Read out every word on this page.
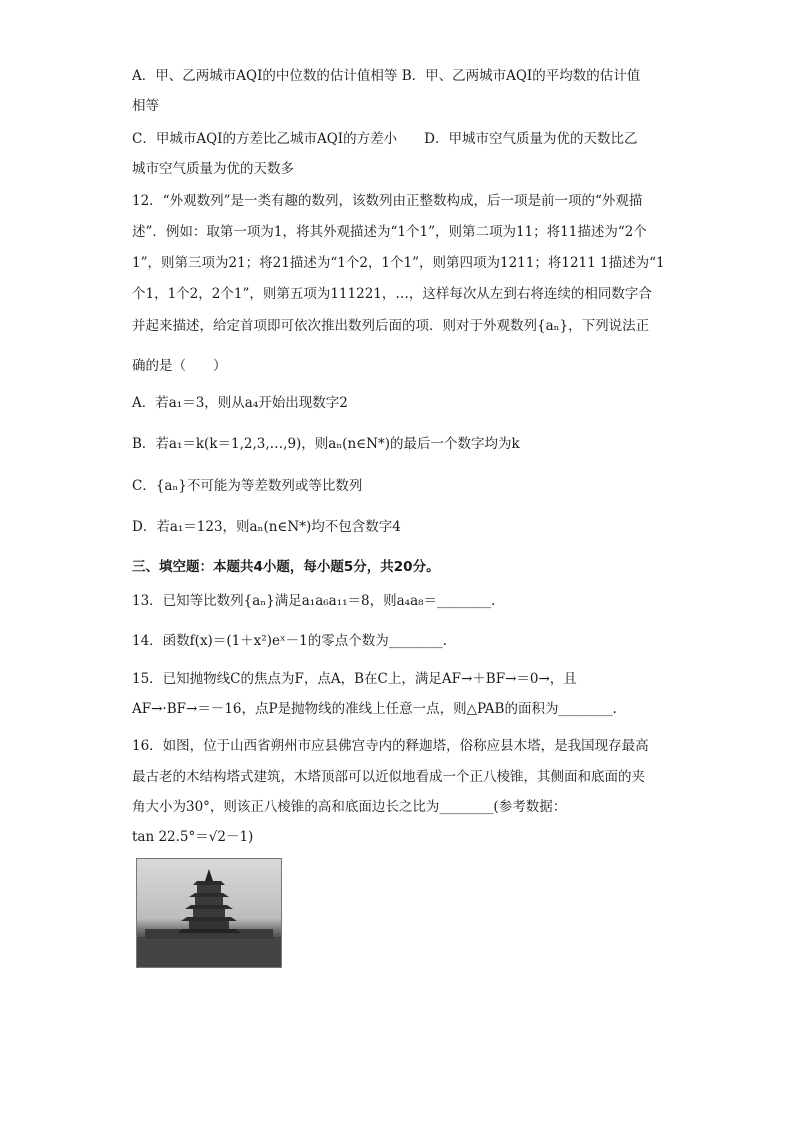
A．甲、乙两城市AQI的中位数的估计值相等 B．甲、乙两城市AQI的平均数的估计值
相等
C．甲城市AQI的方差比乙城市AQI的方差小　　D．甲城市空气质量为优的天数比乙
城市空气质量为优的天数多
12．“外观数列”是一类有趣的数列，该数列由正整数构成，后一项是前一项的“外观描
述”．例如：取第一项为1，将其外观描述为“1个1”，则第二项为11；将11描述为“2个
1”，则第三项为21；将21描述为“1个2，1个1”，则第四项为1211；将1211 1描述为“1
个1，1个2，2个1”，则第五项为111221，…，这样每次从左到右将连续的相同数字合
并起来描述，给定首项即可依次推出数列后面的项．则对于外观数列{aₙ}，下列说法正
确的是（　　）
A．若a₁＝3，则从a₄开始出现数字2
B．若a₁＝k(k＝1,2,3,…,9)，则aₙ(n∈N*)的最后一个数字均为k
C．{aₙ}不可能为等差数列或等比数列
D．若a₁＝123，则aₙ(n∈N*)均不包含数字4
三、填空题：本题共4小题，每小题5分，共20分。
13．已知等比数列{aₙ}满足a₁a₆a₁₁＝8，则a₄a₈＝________.
14．函数f(x)＝(1＋x²)eˣ－1的零点个数为________.
15．已知抛物线C的焦点为F，点A，B在C上，满足AF→＋BF→＝0→，且
AF→·BF→＝－16，点P是抛物线的准线上任意一点，则△PAB的面积为________.
16．如图，位于山西省朔州市应县佛宫寺内的释迦塔，俗称应县木塔，是我国现存最高
最古老的木结构塔式建筑，木塔顶部可以近似地看成一个正八棱锥，其侧面和底面的夹
角大小为30°，则该正八棱锥的高和底面边长之比为________(参考数据：
tan 22.5°＝√2－1)
